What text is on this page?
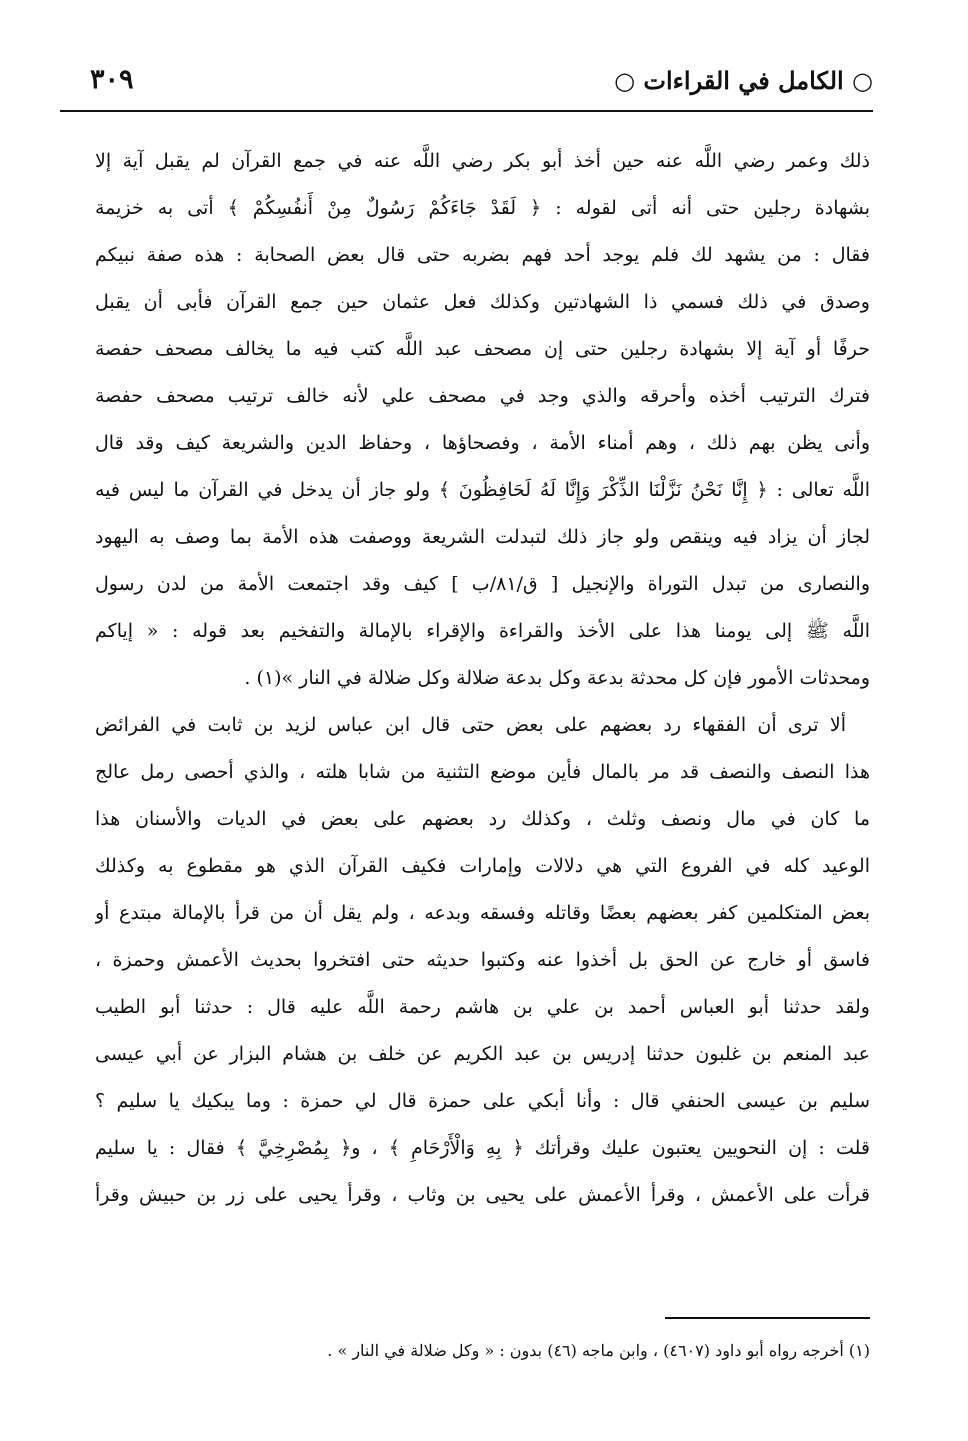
○ الكامل في القراءات ○
٣٠٩
ذلك وعمر رضي اللَّه عنه حين أخذ أبو بكر رضي اللَّه عنه في جمع القرآن لم يقبل آية إلا
بشهادة رجلين حتى أنه أتى لقوله : ﴿ لَقَدْ جَاءَكُمْ رَسُولٌ مِنْ أَنفُسِكُمْ ﴾ أتى به خزيمة
فقال : من يشهد لك فلم يوجد أحد فهم بضربه حتى قال بعض الصحابة : هذه صفة نبيكم
وصدق في ذلك فسمي ذا الشهادتين وكذلك فعل عثمان حين جمع القرآن فأبى أن يقبل
حرفًا أو آية إلا بشهادة رجلين حتى إن مصحف عبد اللَّه كتب فيه ما يخالف مصحف حفصة
فترك الترتيب أخذه وأحرقه والذي وجد في مصحف علي لأنه خالف ترتيب مصحف حفصة
وأنى يظن بهم ذلك ، وهم أمناء الأمة ، وفصحاؤها ، وحفاظ الدين والشريعة كيف وقد قال
اللَّه تعالى : ﴿ إِنَّا نَحْنُ نَزَّلْنَا الذِّكْرَ وَإِنَّا لَهُ لَحَافِظُونَ ﴾ ولو جاز أن يدخل في القرآن ما ليس فيه
لجاز أن يزاد فيه وينقص ولو جاز ذلك لتبدلت الشريعة ووصفت هذه الأمة بما وصف به اليهود
والنصارى من تبدل التوراة والإنجيل [ ق/٨١/ب ] كيف وقد اجتمعت الأمة من لدن رسول
اللَّه ﷺ إلى يومنا هذا على الأخذ والقراءة والإقراء بالإمالة والتفخيم بعد قوله : « إياكم
ومحدثات الأمور فإن كل محدثة بدعة وكل بدعة ضلالة وكل ضلالة في النار »(١) .
ألا ترى أن الفقهاء رد بعضهم على بعض حتى قال ابن عباس لزيد بن ثابت في الفرائض
هذا النصف والنصف قد مر بالمال فأين موضع التثنية من شابا هلته ، والذي أحصى رمل عالج
ما كان في مال ونصف وثلث ، وكذلك رد بعضهم على بعض في الديات والأسنان هذا
الوعيد كله في الفروع التي هي دلالات وإمارات فكيف القرآن الذي هو مقطوع به وكذلك
بعض المتكلمين كفر بعضهم بعضًا وقاتله وفسقه وبدعه ، ولم يقل أن من قرأ بالإمالة مبتدع أو
فاسق أو خارج عن الحق بل أخذوا عنه وكتبوا حديثه حتى افتخروا بحديث الأعمش وحمزة ،
ولقد حدثنا أبو العباس أحمد بن علي بن هاشم رحمة اللَّه عليه قال : حدثنا أبو الطيب
عبد المنعم بن غلبون حدثنا إدريس بن عبد الكريم عن خلف بن هشام البزار عن أبي عيسى
سليم بن عيسى الحنفي قال : وأنا أبكي على حمزة قال لي حمزة : وما يبكيك يا سليم ؟
قلت : إن النحويين يعتبون عليك وقرأتك ﴿ بِهِ وَالْأَرْحَامِ ﴾ ، و﴿ بِمُصْرِخِيَّ ﴾ فقال : يا سليم
قرأت على الأعمش ، وقرأ الأعمش على يحيى بن وثاب ، وقرأ يحيى على زر بن حبيش وقرأ
(١) أخرجه رواه أبو داود (٤٦٠٧) ، وابن ماجه (٤٦) بدون : « وكل ضلالة في النار » .
